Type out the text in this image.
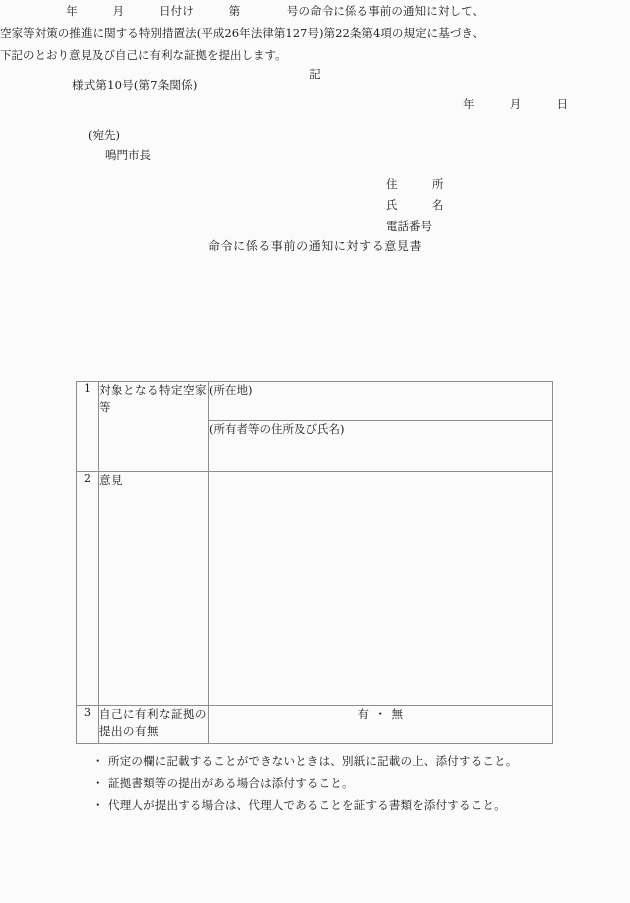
様式第10号(第7条関係)
年　　　月　　　日
(宛先)
鳴門市長
住　　　所
氏　　　名
電話番号
命令に係る事前の通知に対する意見書
年　　　月　　　日付け　　　第　　　　号の命令に係る事前の通知に対して、空家等対策の推進に関する特別措置法(平成26年法律第127号)第22条第4項の規定に基づき、下記のとおり意見及び自己に有利な証拠を提出します。
記
1	対象となる特定空家等	(所在地)
		(所有者等の住所及び氏名)
2	意見	
3	自己に有利な証拠の提出の有無	有 ・ 無
・ 所定の欄に記載することができないときは、別紙に記載の上、添付すること。
・ 証拠書類等の提出がある場合は添付すること。
・ 代理人が提出する場合は、代理人であることを証する書類を添付すること。
